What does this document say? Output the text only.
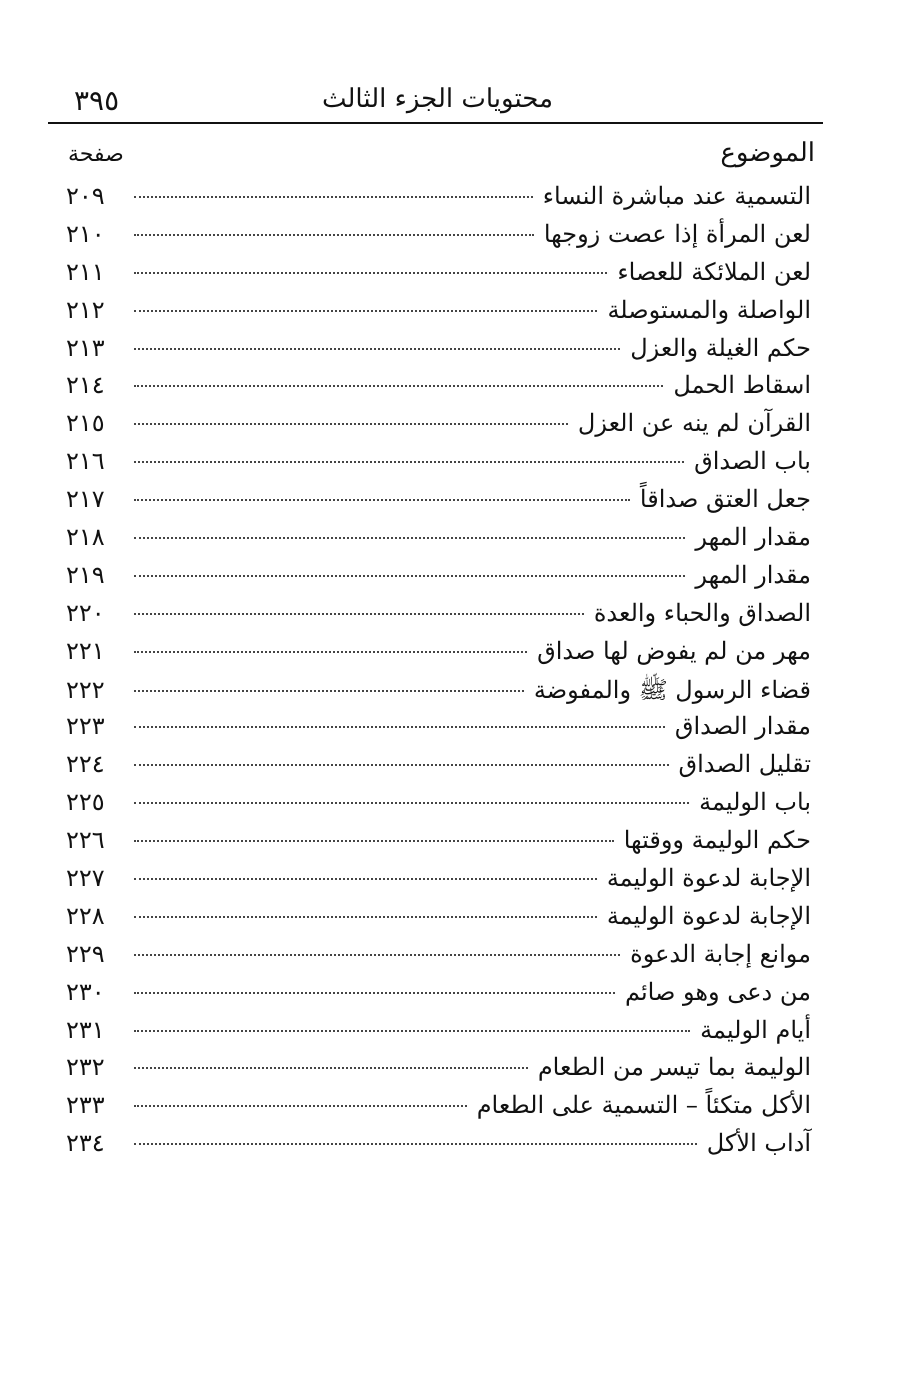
٣٩٥	محتويات الجزء الثالث
الموضوع
صفحة
التسمية عند مباشرة النساء
٢٠٩
لعن المرأة إذا عصت زوجها
٢١٠
لعن الملائكة للعصاء
٢١١
الواصلة والمستوصلة
٢١٢
حكم الغيلة والعزل
٢١٣
اسقاط الحمل
٢١٤
القرآن لم ينه عن العزل
٢١٥
باب الصداق
٢١٦
جعل العتق صداقاً
٢١٧
مقدار المهر
٢١٨
مقدار المهر
٢١٩
الصداق والحباء والعدة
٢٢٠
مهر من لم يفوض لها صداق
٢٢١
قضاء الرسول ﷺ والمفوضة
٢٢٢
مقدار الصداق
٢٢٣
تقليل الصداق
٢٢٤
باب الوليمة
٢٢٥
حكم الوليمة ووقتها
٢٢٦
الإجابة لدعوة الوليمة
٢٢٧
الإجابة لدعوة الوليمة
٢٢٨
موانع إجابة الدعوة
٢٢٩
من دعى وهو صائم
٢٣٠
أيام الوليمة
٢٣١
الوليمة بما تيسر من الطعام
٢٣٢
الأكل متكئاً – التسمية على الطعام
٢٣٣
آداب الأكل
٢٣٤
